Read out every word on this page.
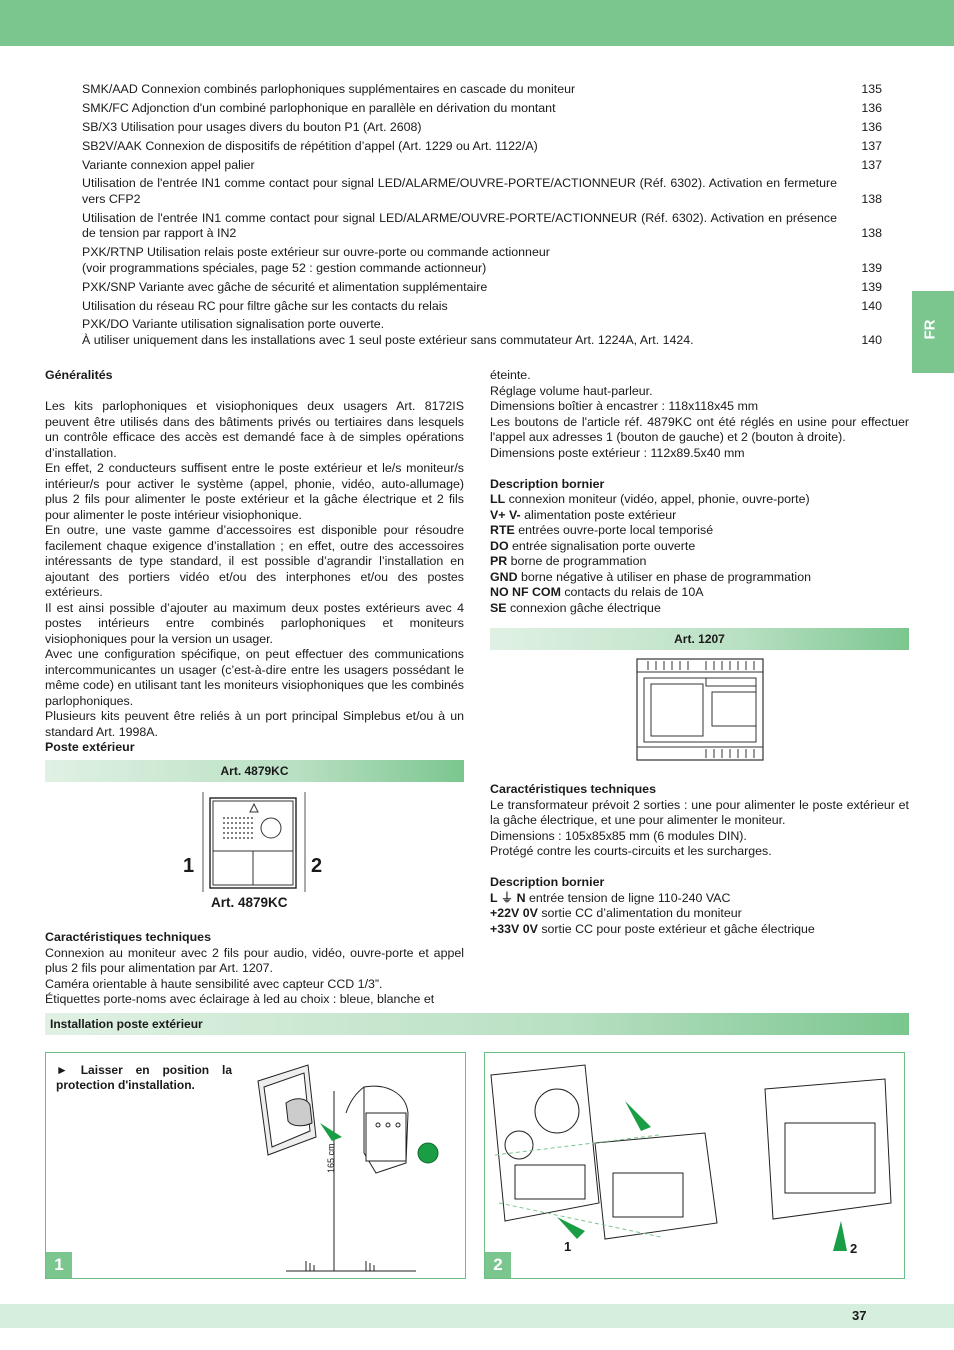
FR
SMK/AAD Connexion combinés parlophoniques supplémentaires en cascade du moniteur	135
SMK/FC Adjonction d'un combiné parlophonique en parallèle en dérivation du montant	136
SB/X3 Utilisation pour usages divers du bouton P1 (Art. 2608)	136
SB2V/AAK Connexion de dispositifs de répétition d’appel (Art. 1229 ou Art. 1122/A)	137
Variante connexion appel palier	137
Utilisation de l'entrée IN1 comme contact pour signal LED/ALARME/OUVRE-PORTE/ACTIONNEUR (Réf. 6302). Activation en fermeture vers CFP2	138
Utilisation de l'entrée IN1 comme contact pour signal LED/ALARME/OUVRE-PORTE/ACTIONNEUR (Réf. 6302). Activation en présence de tension par rapport à IN2	138
PXK/RTNP Utilisation relais poste extérieur sur ouvre-porte ou commande actionneur
(voir programmations spéciales, page 52 : gestion commande actionneur)	139
PXK/SNP Variante avec gâche de sécurité et alimentation supplémentaire	139
Utilisation du réseau RC pour filtre gâche sur les contacts du relais	140
PXK/DO Variante utilisation signalisation porte ouverte.
À utiliser uniquement dans les installations avec 1 seul poste extérieur sans commutateur Art. 1224A, Art. 1424.	140

Généralités

Les kits parlophoniques et visiophoniques deux usagers Art. 8172IS peuvent être utilisés dans des bâtiments privés ou tertiaires dans lesquels un contrôle efficace des accès est demandé face à de simples opérations d’installation.

En effet, 2 conducteurs suffisent entre le poste extérieur et le/s moniteur/s intérieur/s pour activer le système (appel, phonie, vidéo, auto-allumage) plus 2 fils pour alimenter le poste extérieur et la gâche électrique et 2 fils pour alimenter le poste intérieur visiophonique.

En outre, une vaste gamme d’accessoires est disponible pour résoudre facilement chaque exigence d’installation ; en effet, outre des accessoires intéressants de type standard, il est possible d’agrandir l’installation en ajoutant des portiers vidéo et/ou des interphones et/ou des postes extérieurs.

Il est ainsi possible d’ajouter au maximum deux postes extérieurs avec 4 postes intérieurs entre combinés parlophoniques et moniteurs visiophoniques pour la version un usager.

Avec une configuration spécifique, on peut effectuer des communications intercommunicantes un usager (c’est-à-dire entre les usagers possédant le même code) en utilisant tant les moniteurs visiophoniques que les combinés parlophoniques.

Plusieurs kits peuvent être reliés à un port principal Simplebus et/ou à un standard Art. 1998A.

Poste extérieur

Art. 4879KC
1	2
Art. 4879KC

Caractéristiques techniques

Connexion au moniteur avec 2 fils pour audio, vidéo, ouvre-porte et appel plus 2 fils pour alimentation par Art. 1207.

Caméra orientable à haute sensibilité avec capteur CCD 1/3”.

Étiquettes porte-noms avec éclairage à led au choix : bleue, blanche et

éteinte.

Réglage volume haut-parleur.

Dimensions boîtier à encastrer : 118x118x45 mm

Les boutons de l'article réf. 4879KC ont été réglés en usine pour effectuer l'appel aux adresses 1 (bouton de gauche) et 2 (bouton à droite).

Dimensions poste extérieur : 112x89.5x40 mm

Description bornier

LL connexion moniteur (vidéo, appel, phonie, ouvre-porte)

V+ V- alimentation poste extérieur

RTE entrées ouvre-porte local temporisé

DO entrée signalisation porte ouverte

PR borne de programmation

GND borne négative à utiliser en phase de programmation

NO NF COM contacts du relais de 10A

SE connexion gâche électrique

Art. 1207

Caractéristiques techniques

Le transformateur prévoit 2 sorties : une pour alimenter le poste extérieur et la gâche électrique, et une pour alimenter le moniteur.

Dimensions : 105x85x85 mm (6 modules DIN).

Protégé contre les courts-circuits et les surcharges.

Description bornier

L ⏚ N entrée tension de ligne 110-240 VAC

+22V 0V sortie CC d’alimentation du moniteur

+33V 0V sortie CC pour poste extérieur et gâche électrique

Installation poste extérieur
► Laisser en position la protection d'installation.
165 cm
1
1	2
2
37
